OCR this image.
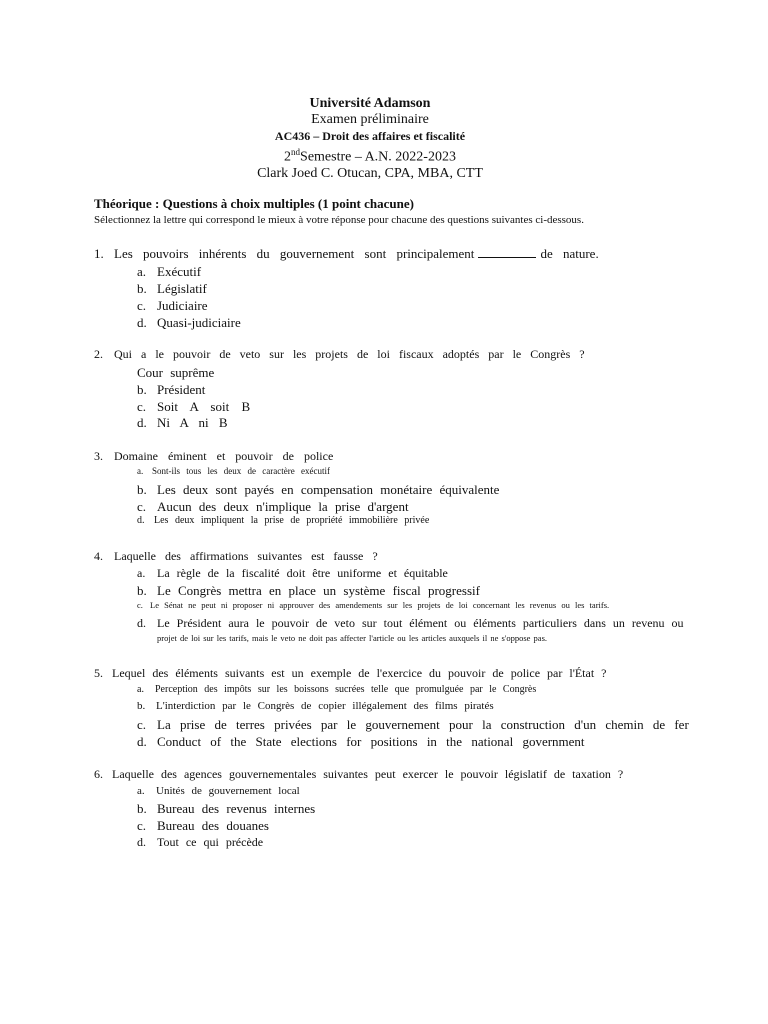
Université Adamson
Examen préliminaire
AC436 – Droit des affaires et fiscalité
2ndSemestre – A.N. 2022-2023
Clark Joed C. Otucan, CPA, MBA, CTT
Théorique : Questions à choix multiples (1 point chacune)
Sélectionnez la lettre qui correspond le mieux à votre réponse pour chacune des questions suivantes ci-dessous.
1. Les pouvoirs inhérents du gouvernement sont principalement	de nature.
a. Exécutif
b. Législatif
c. Judiciaire
d. Quasi-judiciaire
2. Qui a le pouvoir de veto sur les projets de loi fiscaux adoptés par le Congrès ?
Cour suprême
b. Président
c. Soit A soit B
d. Ni A ni B
3. Domaine éminent et pouvoir de police
a. Sont-ils tous les deux de caractère exécutif
b. Les deux sont payés en compensation monétaire équivalente
c. Aucun des deux n'implique la prise d'argent
d. Les deux impliquent la prise de propriété immobilière privée
4. Laquelle des affirmations suivantes est fausse ?
a. La règle de la fiscalité doit être uniforme et équitable
b. Le Congrès mettra en place un système fiscal progressif
c. Le Sénat ne peut ni proposer ni approuver des amendements sur les projets de loi concernant les revenus ou les tarifs.
d. Le Président aura le pouvoir de veto sur tout élément ou éléments particuliers dans un revenu ou
projet de loi sur les tarifs, mais le veto ne doit pas affecter l'article ou les articles auxquels il ne s'oppose pas.
5. Lequel des éléments suivants est un exemple de l'exercice du pouvoir de police par l'État ?
a. Perception des impôts sur les boissons sucrées telle que promulguée par le Congrès
b. L'interdiction par le Congrès de copier illégalement des films piratés
c. La prise de terres privées par le gouvernement pour la construction d'un chemin de fer
d. Conduct of the State elections for positions in the national government
6. Laquelle des agences gouvernementales suivantes peut exercer le pouvoir législatif de taxation ?
a. Unités de gouvernement local
b. Bureau des revenus internes
c. Bureau des douanes
d. Tout ce qui précède
